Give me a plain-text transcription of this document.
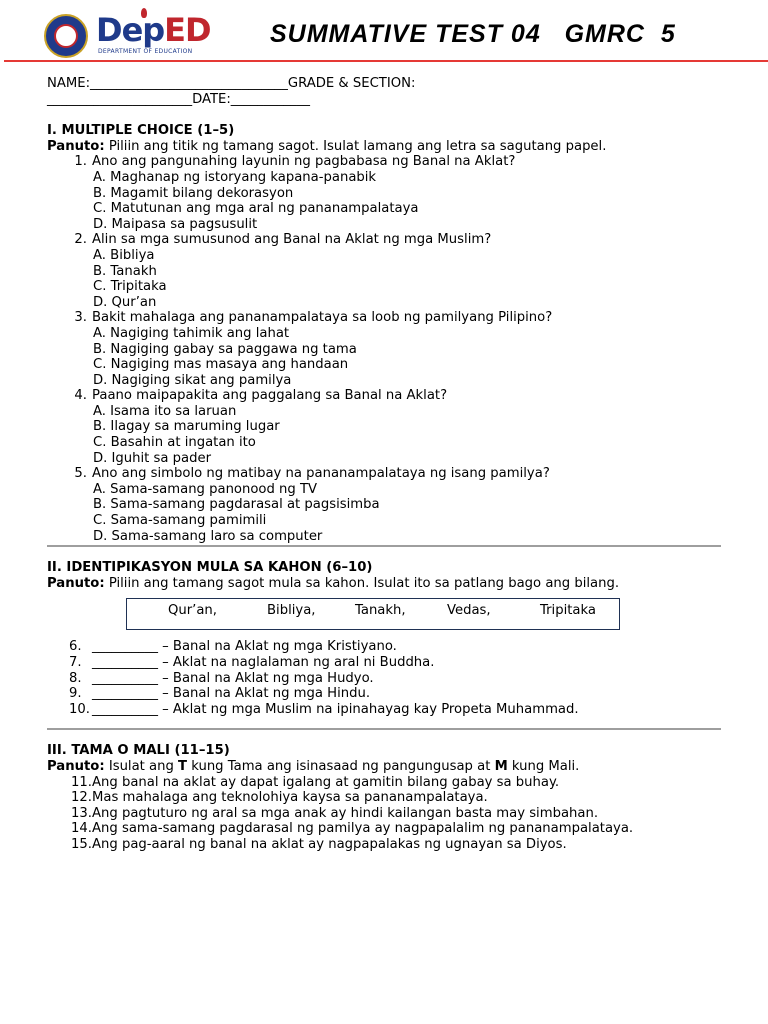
DepED
DEPARTMENT OF EDUCATION
SUMMATIVE TEST 04   GMRC  5
NAME:______________________________GRADE & SECTION:
______________________DATE:____________
I. MULTIPLE CHOICE (1–5)
Panuto: Piliin ang titik ng tamang sagot. Isulat lamang ang letra sa sagutang papel.
1. Ano ang pangunahing layunin ng pagbabasa ng Banal na Aklat?
A. Maghanap ng istoryang kapana-panabik
B. Magamit bilang dekorasyon
C. Matutunan ang mga aral ng pananampalataya
D. Maipasa sa pagsusulit
2. Alin sa mga sumusunod ang Banal na Aklat ng mga Muslim?
A. Bibliya
B. Tanakh
C. Tripitaka
D. Qur’an
3. Bakit mahalaga ang pananampalataya sa loob ng pamilyang Pilipino?
A. Nagiging tahimik ang lahat
B. Nagiging gabay sa paggawa ng tama
C. Nagiging mas masaya ang handaan
D. Nagiging sikat ang pamilya
4. Paano maipapakita ang paggalang sa Banal na Aklat?
A. Isama ito sa laruan
B. Ilagay sa maruming lugar
C. Basahin at ingatan ito
D. Iguhit sa pader
5. Ano ang simbolo ng matibay na pananampalataya ng isang pamilya?
A. Sama-samang panonood ng TV
B. Sama-samang pagdarasal at pagsisimba
C. Sama-samang pamimili
D. Sama-samang laro sa computer
II. IDENTIPIKASYON MULA SA KAHON (6–10)
Panuto: Piliin ang tamang sagot mula sa kahon. Isulat ito sa patlang bago ang bilang.
Qur’an,	Bibliya,	Tanakh,	Vedas,	Tripitaka
6. __________ – Banal na Aklat ng mga Kristiyano.
7. __________ – Aklat na naglalaman ng aral ni Buddha.
8. __________ – Banal na Aklat ng mga Hudyo.
9. __________ – Banal na Aklat ng mga Hindu.
10. __________ – Aklat ng mga Muslim na ipinahayag kay Propeta Muhammad.
III. TAMA O MALI (11–15)
Panuto: Isulat ang T kung Tama ang isinasaad ng pangungusap at M kung Mali.
11. Ang banal na aklat ay dapat igalang at gamitin bilang gabay sa buhay.
12. Mas mahalaga ang teknolohiya kaysa sa pananampalataya.
13. Ang pagtuturo ng aral sa mga anak ay hindi kailangan basta may simbahan.
14. Ang sama-samang pagdarasal ng pamilya ay nagpapalalim ng pananampalataya.
15. Ang pag-aaral ng banal na aklat ay nagpapalakas ng ugnayan sa Diyos.
